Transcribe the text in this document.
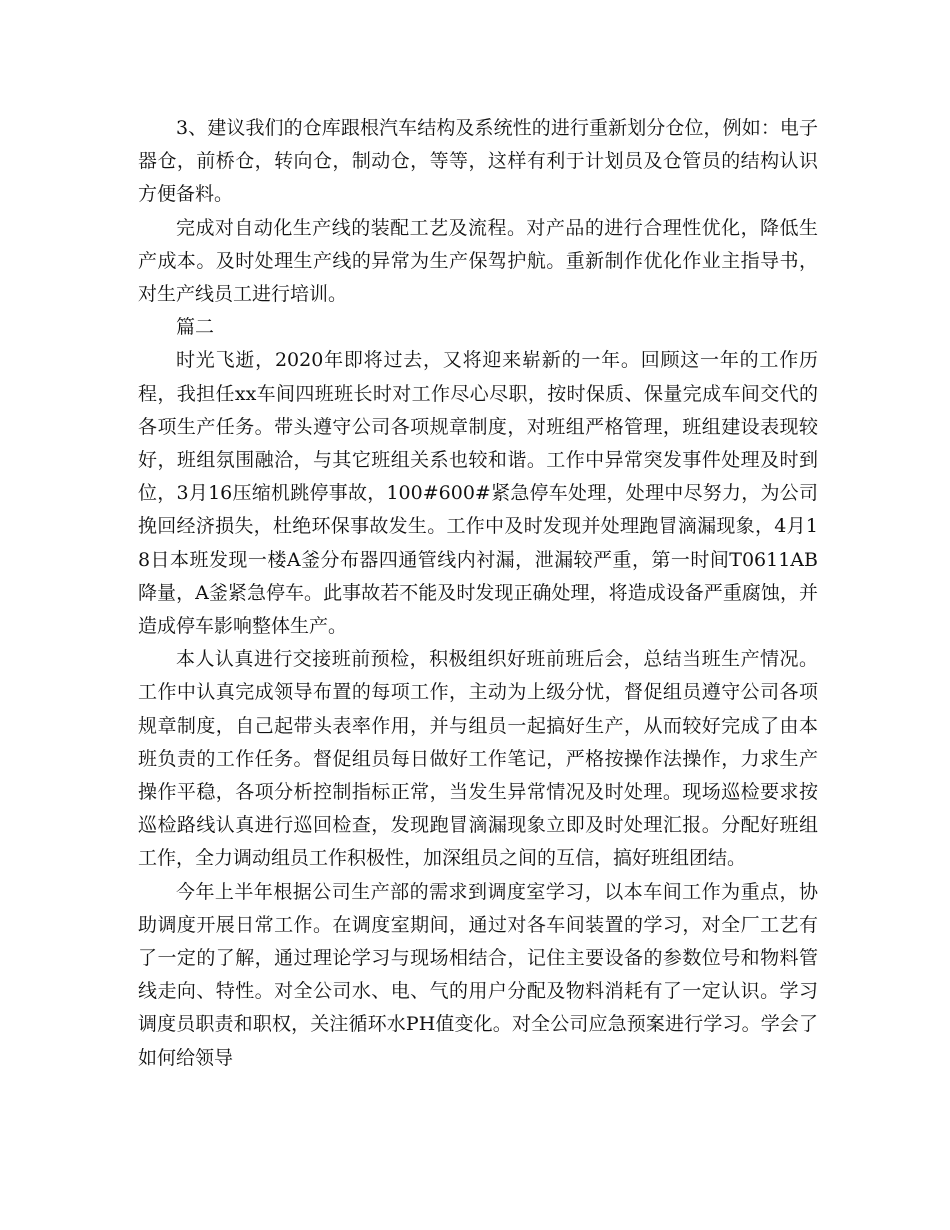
3、建议我们的仓库跟根汽车结构及系统性的进行重新划分仓位，例如：电子器仓，前桥仓，转向仓，制动仓，等等，这样有利于计划员及仓管员的结构认识方便备料。

完成对自动化生产线的装配工艺及流程。对产品的进行合理性优化，降低生产成本。及时处理生产线的异常为生产保驾护航。重新制作优化作业主指导书，对生产线员工进行培训。

篇二

时光飞逝，2020年即将过去，又将迎来崭新的一年。回顾这一年的工作历程，我担任xx车间四班班长时对工作尽心尽职，按时保质、保量完成车间交代的各项生产任务。带头遵守公司各项规章制度，对班组严格管理，班组建设表现较好，班组氛围融洽，与其它班组关系也较和谐。工作中异常突发事件处理及时到位，3月16压缩机跳停事故，100#600#紧急停车处理，处理中尽努力，为公司挽回经济损失，杜绝环保事故发生。工作中及时发现并处理跑冒滴漏现象，4月18日本班发现一楼A釜分布器四通管线内衬漏，泄漏较严重，第一时间T0611AB降量，A釜紧急停车。此事故若不能及时发现正确处理，将造成设备严重腐蚀，并造成停车影响整体生产。

本人认真进行交接班前预检，积极组织好班前班后会，总结当班生产情况。工作中认真完成领导布置的每项工作，主动为上级分忧，督促组员遵守公司各项规章制度，自己起带头表率作用，并与组员一起搞好生产，从而较好完成了由本班负责的工作任务。督促组员每日做好工作笔记，严格按操作法操作，力求生产操作平稳，各项分析控制指标正常，当发生异常情况及时处理。现场巡检要求按巡检路线认真进行巡回检查，发现跑冒滴漏现象立即及时处理汇报。分配好班组工作，全力调动组员工作积极性，加深组员之间的互信，搞好班组团结。

今年上半年根据公司生产部的需求到调度室学习，以本车间工作为重点，协助调度开展日常工作。在调度室期间，通过对各车间装置的学习，对全厂工艺有了一定的了解，通过理论学习与现场相结合，记住主要设备的参数位号和物料管线走向、特性。对全公司水、电、气的用户分配及物料消耗有了一定认识。学习调度员职责和职权，关注循环水PH值变化。对全公司应急预案进行学习。学会了如何给领导
